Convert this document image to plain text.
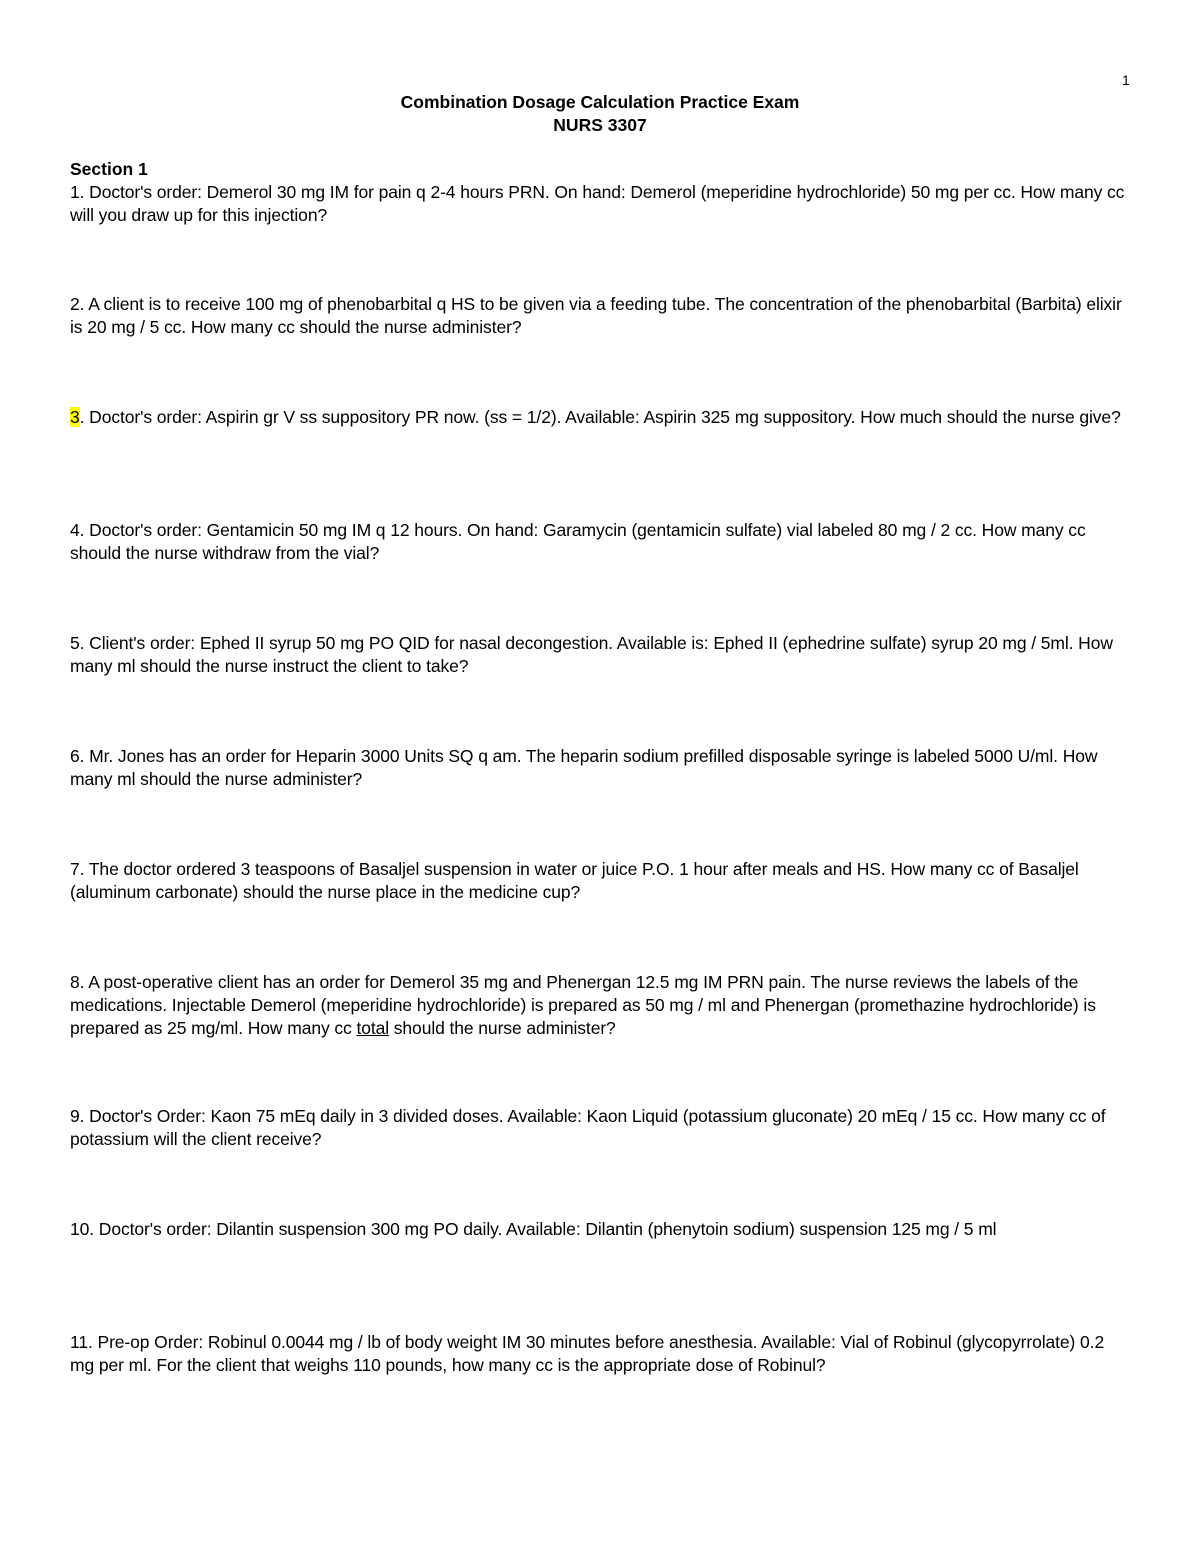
1
Combination Dosage Calculation Practice Exam
NURS 3307
Section 1
1. Doctor's order: Demerol 30 mg IM for pain q 2-4 hours PRN. On hand: Demerol (meperidine hydrochloride) 50 mg per cc. How many cc will you draw up for this injection?
2. A client is to receive 100 mg of phenobarbital q HS to be given via a feeding tube. The concentration of the phenobarbital (Barbita) elixir is 20 mg / 5 cc. How many cc should the nurse administer?
3. Doctor's order: Aspirin gr V ss suppository PR now. (ss = 1/2). Available: Aspirin 325 mg suppository. How much should the nurse give?
4. Doctor's order: Gentamicin 50 mg IM q 12 hours. On hand: Garamycin (gentamicin sulfate) vial labeled 80 mg / 2 cc. How many cc should the nurse withdraw from the vial?
5. Client's order: Ephed II syrup 50 mg PO QID for nasal decongestion. Available is: Ephed II (ephedrine sulfate) syrup 20 mg / 5ml. How many ml should the nurse instruct the client to take?
6. Mr. Jones has an order for Heparin 3000 Units SQ q am. The heparin sodium prefilled disposable syringe is labeled 5000 U/ml. How many ml should the nurse administer?
7. The doctor ordered 3 teaspoons of Basaljel suspension in water or juice P.O. 1 hour after meals and HS. How many cc of Basaljel (aluminum carbonate) should the nurse place in the medicine cup?
8. A post-operative client has an order for Demerol 35 mg and Phenergan 12.5 mg IM PRN pain. The nurse reviews the labels of the medications. Injectable Demerol (meperidine hydrochloride) is prepared as 50 mg / ml and Phenergan (promethazine hydrochloride) is prepared as 25 mg/ml. How many cc total should the nurse administer?
9. Doctor's Order: Kaon 75 mEq daily in 3 divided doses. Available: Kaon Liquid (potassium gluconate) 20 mEq / 15 cc. How many cc of potassium will the client receive?
10. Doctor's order: Dilantin suspension 300 mg PO daily. Available: Dilantin (phenytoin sodium) suspension 125 mg / 5 ml
11. Pre-op Order: Robinul 0.0044 mg / lb of body weight IM 30 minutes before anesthesia. Available: Vial of Robinul (glycopyrrolate) 0.2 mg per ml. For the client that weighs 110 pounds, how many cc is the appropriate dose of Robinul?
